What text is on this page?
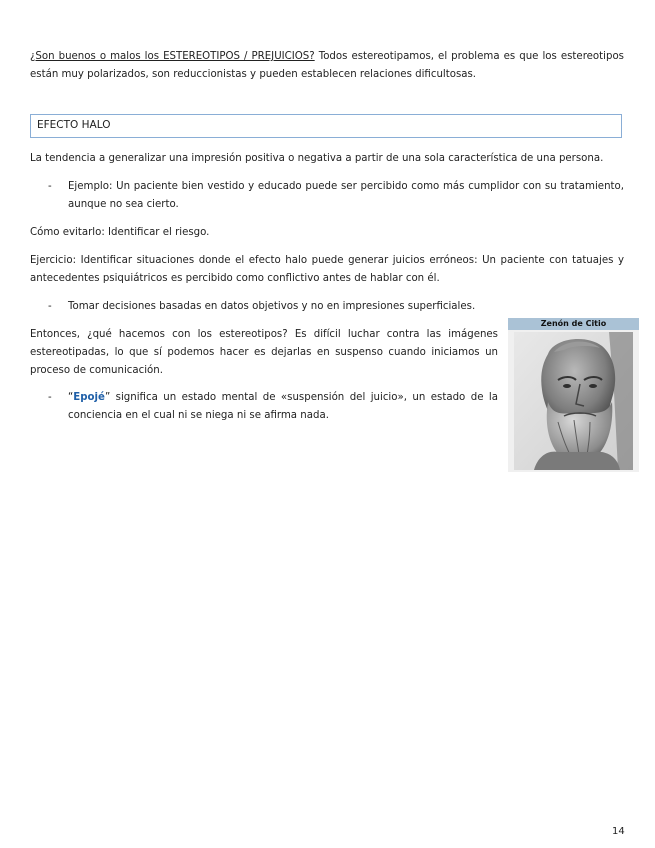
¿Son buenos o malos los ESTEREOTIPOS / PREJUICIOS? Todos estereotipamos, el problema es que los estereotipos están muy polarizados, son reduccionistas y pueden establecen relaciones dificultosas.

EFECTO HALO

La tendencia a generalizar una impresión positiva o negativa a partir de una sola característica de una persona.

-	Ejemplo: Un paciente bien vestido y educado puede ser percibido como más cumplidor con su tratamiento, aunque no sea cierto.

Cómo evitarlo: Identificar el riesgo.

Ejercicio: Identificar situaciones donde el efecto halo puede generar juicios erróneos: Un paciente con tatuajes y antecedentes psiquiátricos es percibido como conflictivo antes de hablar con él.

-	Tomar decisiones basadas en datos objetivos y no en impresiones superficiales.

Entonces, ¿qué hacemos con los estereotipos? Es difícil luchar contra las imágenes estereotipadas, lo que sí podemos hacer es dejarlas en suspenso cuando iniciamos un proceso de comunicación.

-	“Epojé” significa un estado mental de «suspensión del juicio», un estado de la conciencia en el cual ni se niega ni se afirma nada.
Zenón de Citio
14
